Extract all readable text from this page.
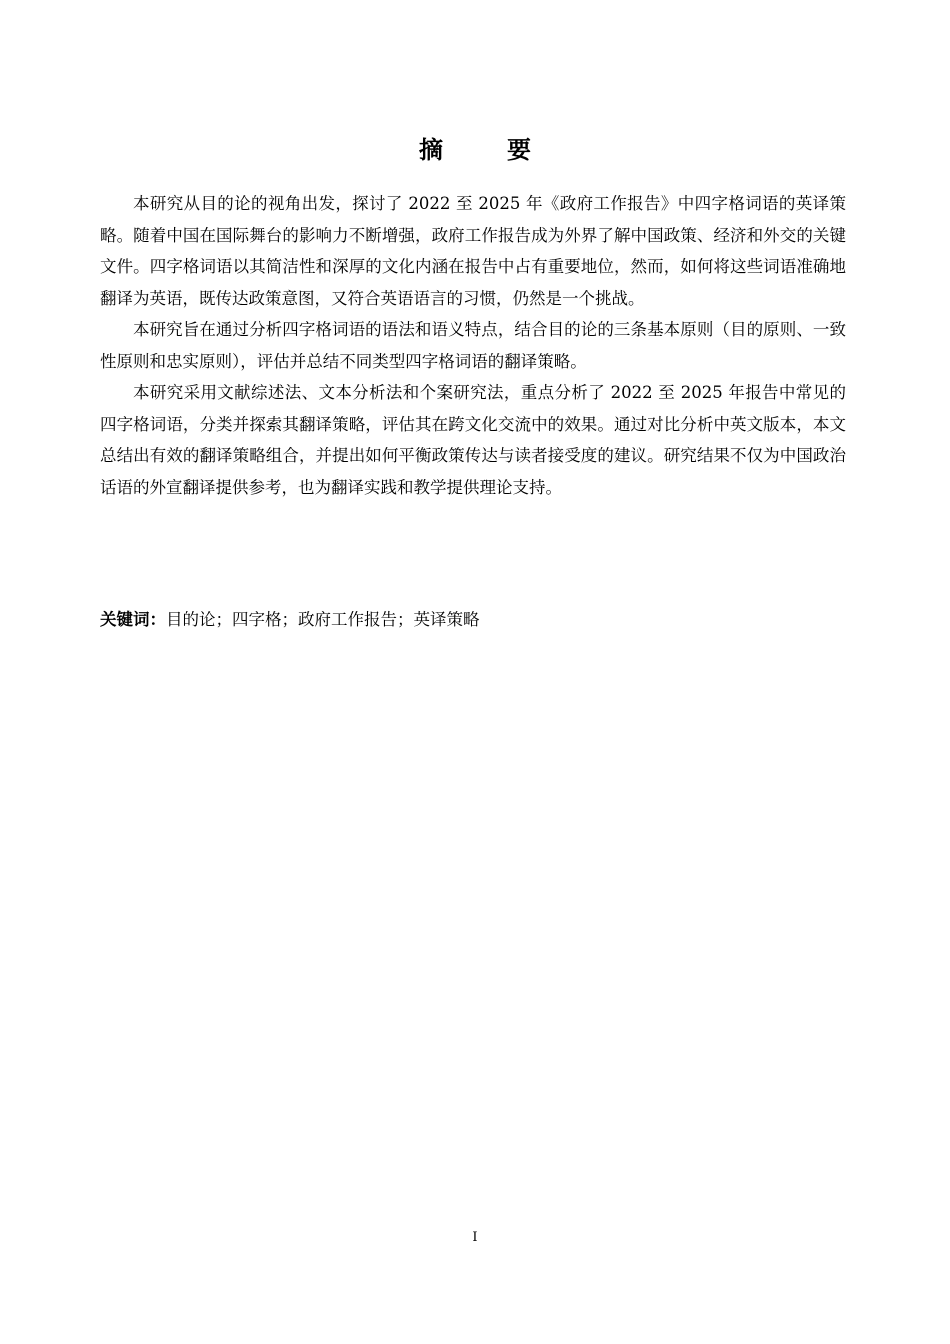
摘　要

本研究从目的论的视角出发，探讨了 2022 至 2025 年《政府工作报告》中四字格词语的英译策略。随着中国在国际舞台的影响力不断增强，政府工作报告成为外界了解中国政策、经济和外交的关键文件。四字格词语以其简洁性和深厚的文化内涵在报告中占有重要地位，然而，如何将这些词语准确地翻译为英语，既传达政策意图，又符合英语语言的习惯，仍然是一个挑战。

本研究旨在通过分析四字格词语的语法和语义特点，结合目的论的三条基本原则（目的原则、一致性原则和忠实原则），评估并总结不同类型四字格词语的翻译策略。

本研究采用文献综述法、文本分析法和个案研究法，重点分析了 2022 至 2025 年报告中常见的四字格词语，分类并探索其翻译策略，评估其在跨文化交流中的效果。通过对比分析中英文版本，本文总结出有效的翻译策略组合，并提出如何平衡政策传达与读者接受度的建议。研究结果不仅为中国政治话语的外宣翻译提供参考，也为翻译实践和教学提供理论支持。

关键词：目的论；四字格；政府工作报告；英译策略
I
